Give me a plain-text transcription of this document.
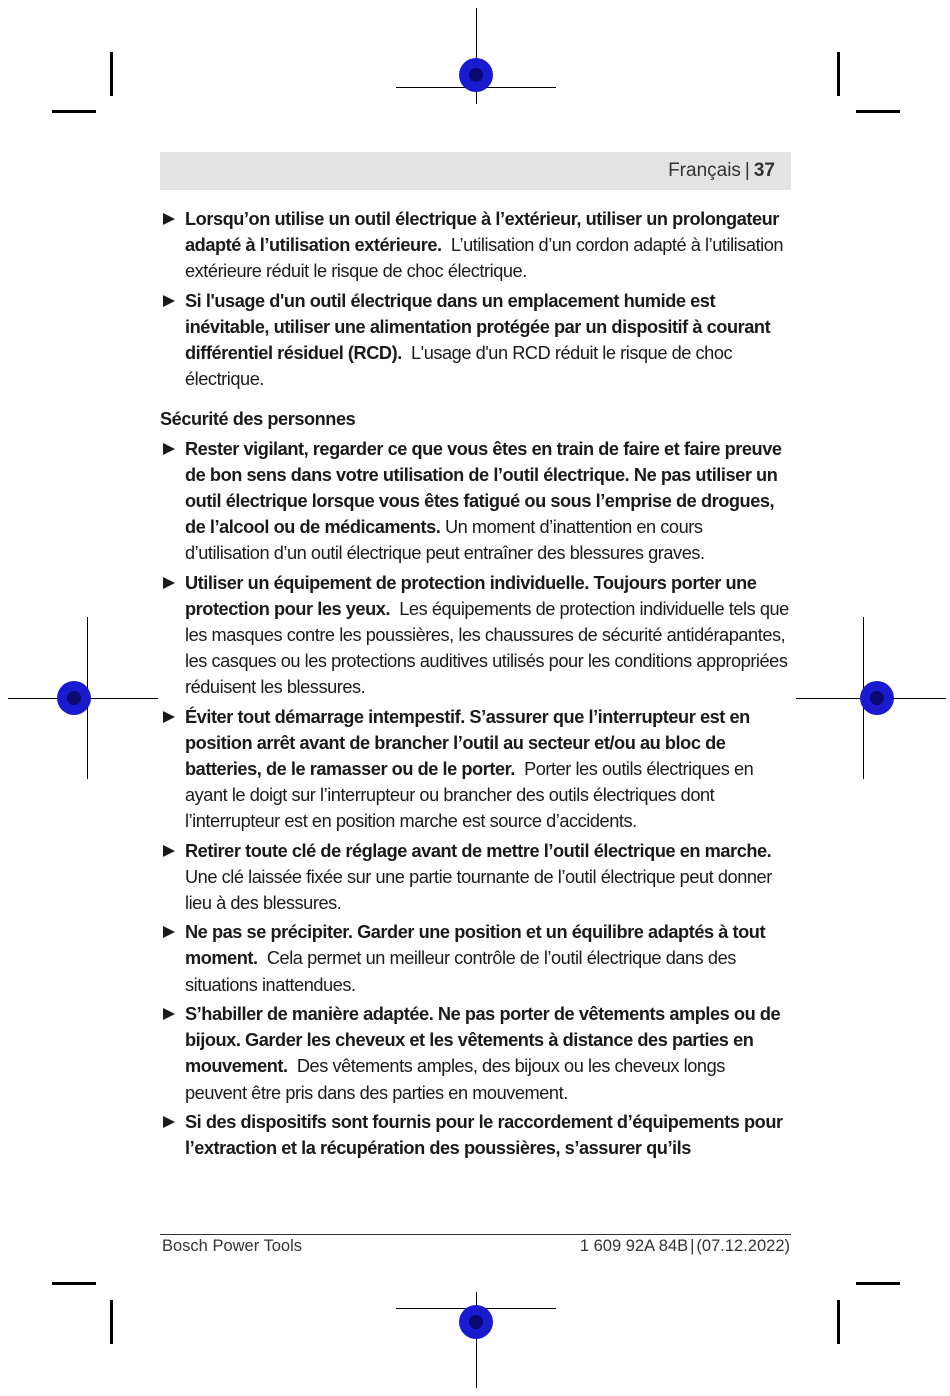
Français | 37
Lorsqu’on utilise un outil électrique à l’extérieur, utiliser un prolongateur adapté à l’utilisation extérieure. L’utilisation d’un cordon adapté à l’utilisation extérieure réduit le risque de choc électrique.
Si l'usage d'un outil électrique dans un emplacement humide est inévitable, utiliser une alimentation protégée par un dispositif à courant différentiel résiduel (RCD). L'usage d'un RCD réduit le risque de choc électrique.
Sécurité des personnes
Rester vigilant, regarder ce que vous êtes en train de faire et faire preuve de bon sens dans votre utilisation de l’outil électrique. Ne pas utiliser un outil électrique lorsque vous êtes fatigué ou sous l’emprise de drogues, de l’alcool ou de médicaments. Un moment d’inattention en cours d’utilisation d’un outil électrique peut entraîner des blessures graves.
Utiliser un équipement de protection individuelle. Toujours porter une protection pour les yeux. Les équipements de protection individuelle tels que les masques contre les poussières, les chaussures de sécurité antidérapantes, les casques ou les protections auditives utilisés pour les conditions appropriées réduisent les blessures.
Éviter tout démarrage intempestif. S’assurer que l’interrupteur est en position arrêt avant de brancher l’outil au secteur et/ou au bloc de batteries, de le ramasser ou de le porter. Porter les outils électriques en ayant le doigt sur l’interrupteur ou brancher des outils électriques dont l’interrupteur est en position marche est source d’accidents.
Retirer toute clé de réglage avant de mettre l’outil électrique en marche.  Une clé laissée fixée sur une partie tournante de l’outil électrique peut donner lieu à des blessures.
Ne pas se précipiter. Garder une position et un équilibre adaptés à tout moment. Cela permet un meilleur contrôle de l’outil électrique dans des situations inattendues.
S’habiller de manière adaptée. Ne pas porter de vêtements amples ou de bijoux. Garder les cheveux et les vêtements à distance des parties en mouvement. Des vêtements amples, des bijoux ou les cheveux longs peuvent être pris dans des parties en mouvement.
Si des dispositifs sont fournis pour le raccordement d’équipements pour l’extraction et la récupération des poussières, s’assurer qu’ils
Bosch Power Tools	1 609 92A 84B | (07.12.2022)
